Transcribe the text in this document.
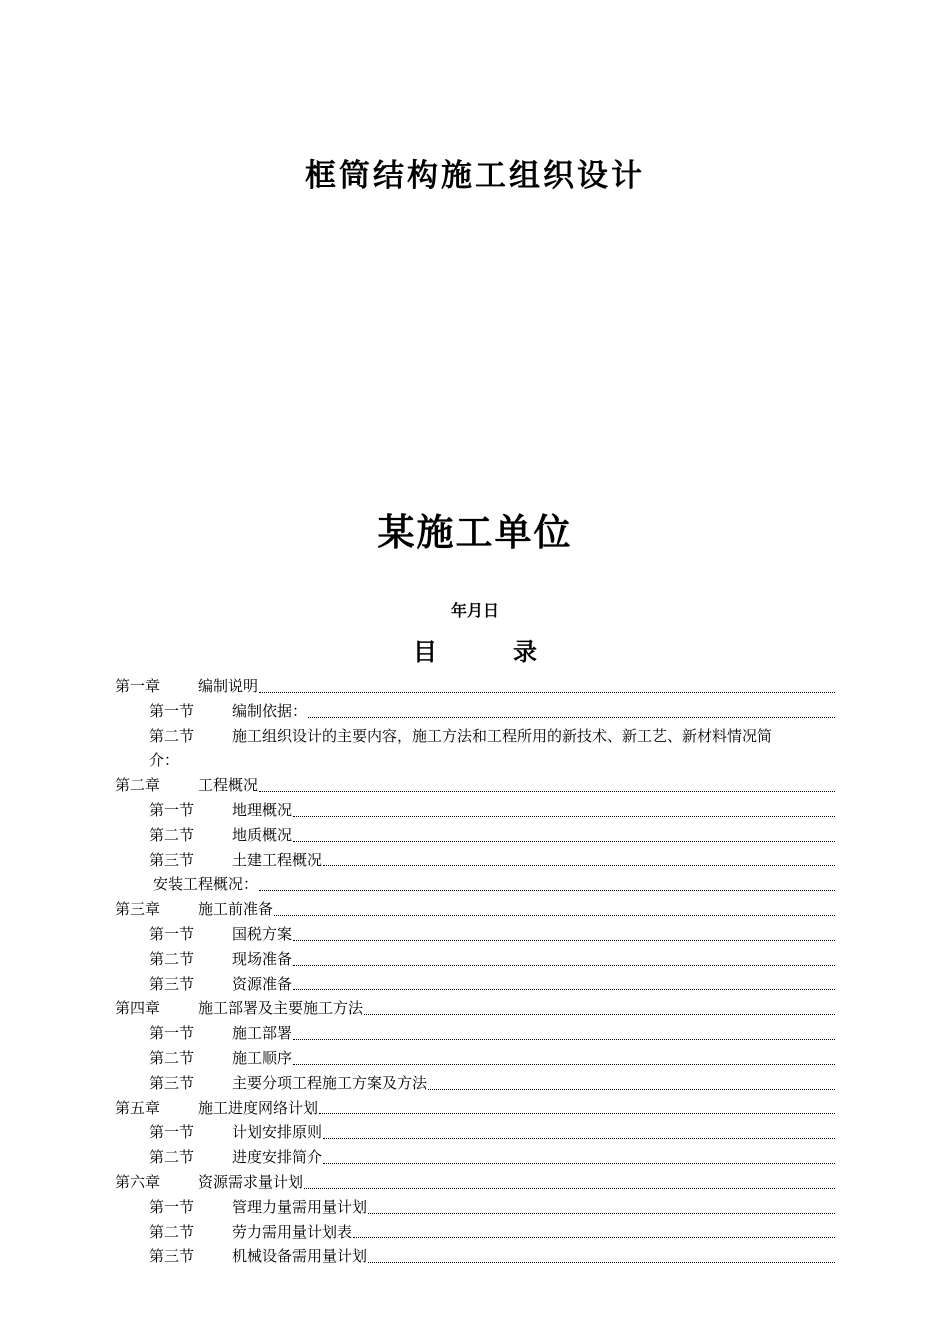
框筒结构施工组织设计
某施工单位
年月日
目　录
第一章	编制说明
第一节	编制依据：
第二节	施工组织设计的主要内容，施工方法和工程所用的新技术、新工艺、新材料情况简
介：
第二章	工程概况
第一节	地理概况
第二节	地质概况
第三节	土建工程概况
安装工程概况：
第三章	施工前准备
第一节	国税方案
第二节	现场准备
第三节	资源准备
第四章	施工部署及主要施工方法
第一节	施工部署
第二节	施工顺序
第三节	主要分项工程施工方案及方法
第五章	施工进度网络计划
第一节	计划安排原则
第二节	进度安排简介
第六章	资源需求量计划
第一节	管理力量需用量计划
第二节	劳力需用量计划表
第三节	机械设备需用量计划
